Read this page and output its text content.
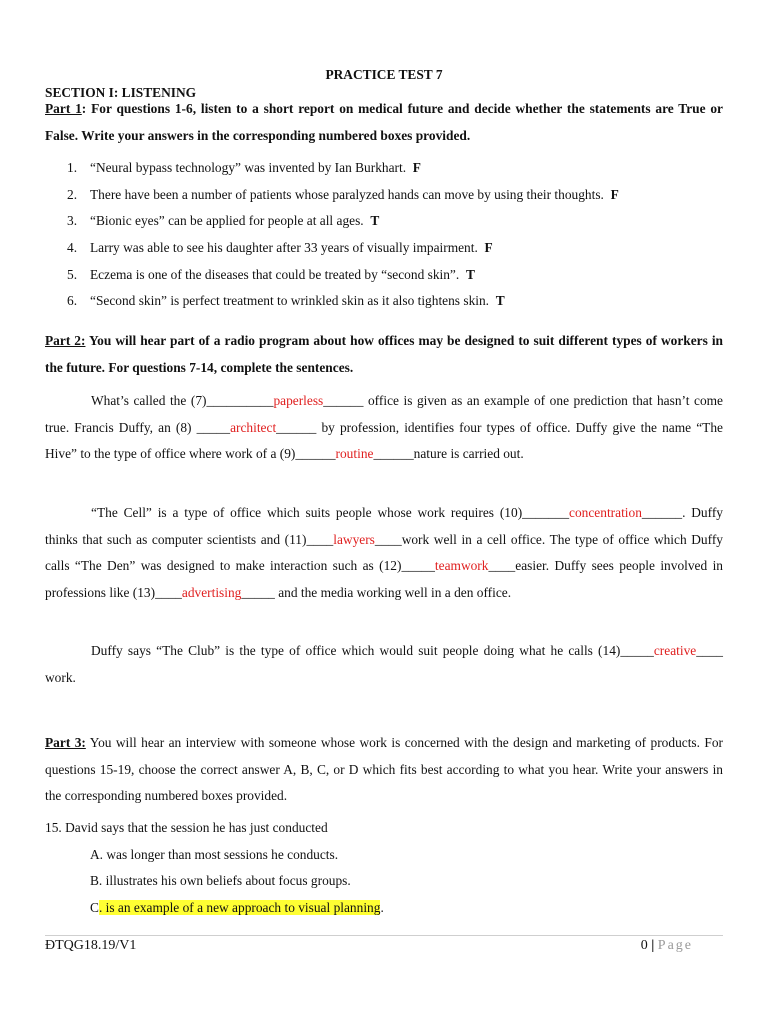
PRACTICE TEST 7
SECTION I: LISTENING
Part 1: For questions 1-6, listen to a short report on medical future and decide whether the statements are True or False. Write your answers in the corresponding numbered boxes provided.
1. “Neural bypass technology” was invented by Ian Burkhart. F
2. There have been a number of patients whose paralyzed hands can move by using their thoughts. F
3. “Bionic eyes” can be applied for people at all ages. T
4. Larry was able to see his daughter after 33 years of visually impairment. F
5. Eczema is one of the diseases that could be treated by “second skin”. T
6. “Second skin” is perfect treatment to wrinkled skin as it also tightens skin. T
Part 2: You will hear part of a radio program about how offices may be designed to suit different types of workers in the future. For questions 7-14, complete the sentences.
What’s called the (7)__________paperless______ office is given as an example of one prediction that hasn’t come true. Francis Duffy, an (8) _____architect______ by profession, identifies four types of office. Duffy give the name “The Hive” to the type of office where work of a (9)______routine______nature is carried out.
“The Cell” is a type of office which suits people whose work requires (10)_______concentration______. Duffy thinks that such as computer scientists and (11)____lawyers____work well in a cell office. The type of office which Duffy calls “The Den” was designed to make interaction such as (12)_____teamwork____easier. Duffy sees people involved in professions like (13)____advertising_____ and the media working well in a den office.
Duffy says “The Club” is the type of office which would suit people doing what he calls (14)_____creative____ work.
Part 3: You will hear an interview with someone whose work is concerned with the design and marketing of products. For questions 15-19, choose the correct answer A, B, C, or D which fits best according to what you hear. Write your answers in the corresponding numbered boxes provided.
15. David says that the session he has just conducted
A. was longer than most sessions he conducts.
B. illustrates his own beliefs about focus groups.
C. is an example of a new approach to visual planning.
ĐTQG18.19/V1	0 | Page
